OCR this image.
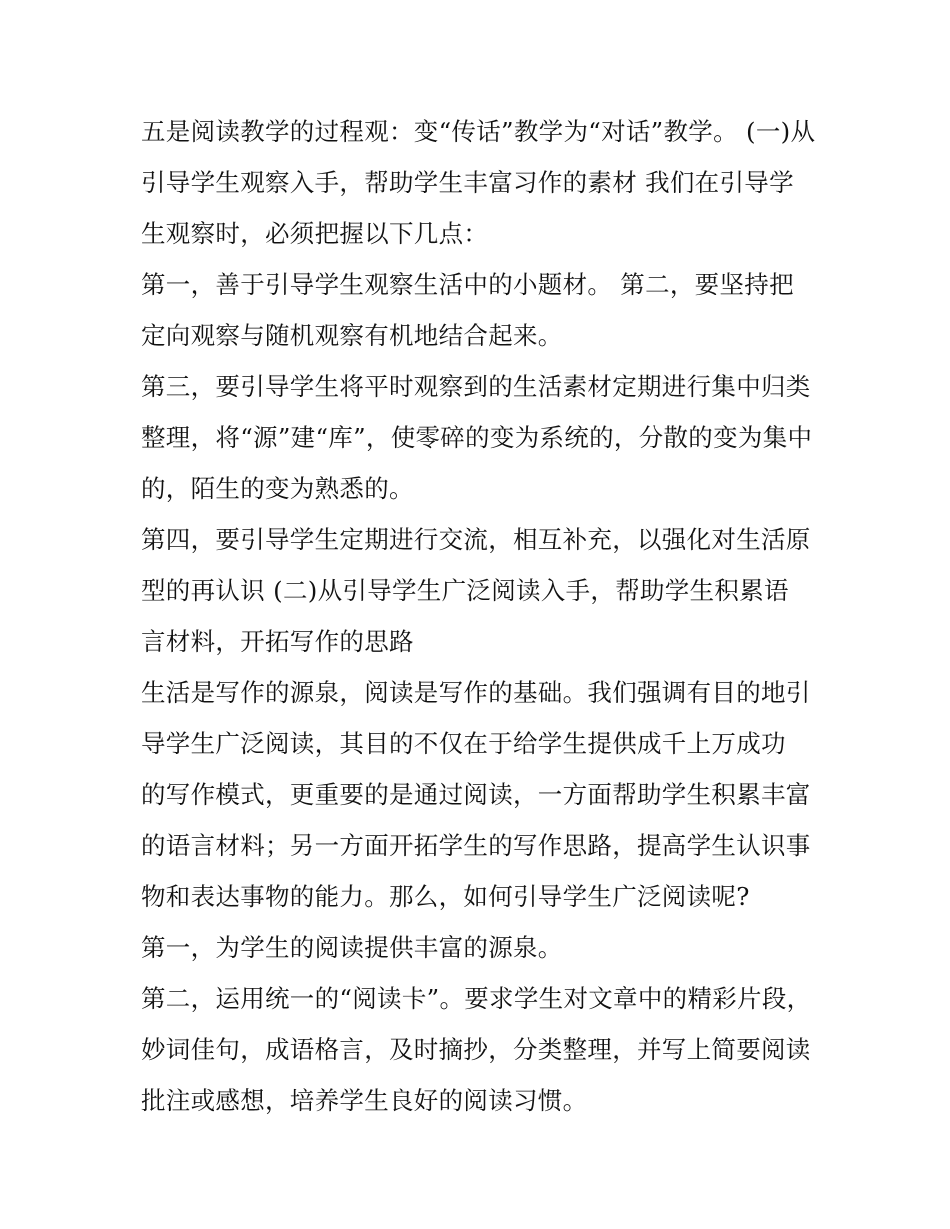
五是阅读教学的过程观：变“传话”教学为“对话”教学。 (一)从
引导学生观察入手，帮助学生丰富习作的素材 我们在引导学
生观察时，必须把握以下几点：
第一，善于引导学生观察生活中的小题材。 第二，要坚持把
定向观察与随机观察有机地结合起来。
第三，要引导学生将平时观察到的生活素材定期进行集中归类
整理，将“源”建“库”，使零碎的变为系统的，分散的变为集中
的，陌生的变为熟悉的。
第四，要引导学生定期进行交流，相互补充，以强化对生活原
型的再认识 (二)从引导学生广泛阅读入手，帮助学生积累语
言材料，开拓写作的思路
生活是写作的源泉，阅读是写作的基础。我们强调有目的地引
导学生广泛阅读，其目的不仅在于给学生提供成千上万成功
的写作模式，更重要的是通过阅读，一方面帮助学生积累丰富
的语言材料；另一方面开拓学生的写作思路，提高学生认识事
物和表达事物的能力。那么，如何引导学生广泛阅读呢?
第一，为学生的阅读提供丰富的源泉。
第二，运用统一的“阅读卡”。要求学生对文章中的精彩片段，
妙词佳句，成语格言，及时摘抄，分类整理，并写上简要阅读
批注或感想，培养学生良好的阅读习惯。
